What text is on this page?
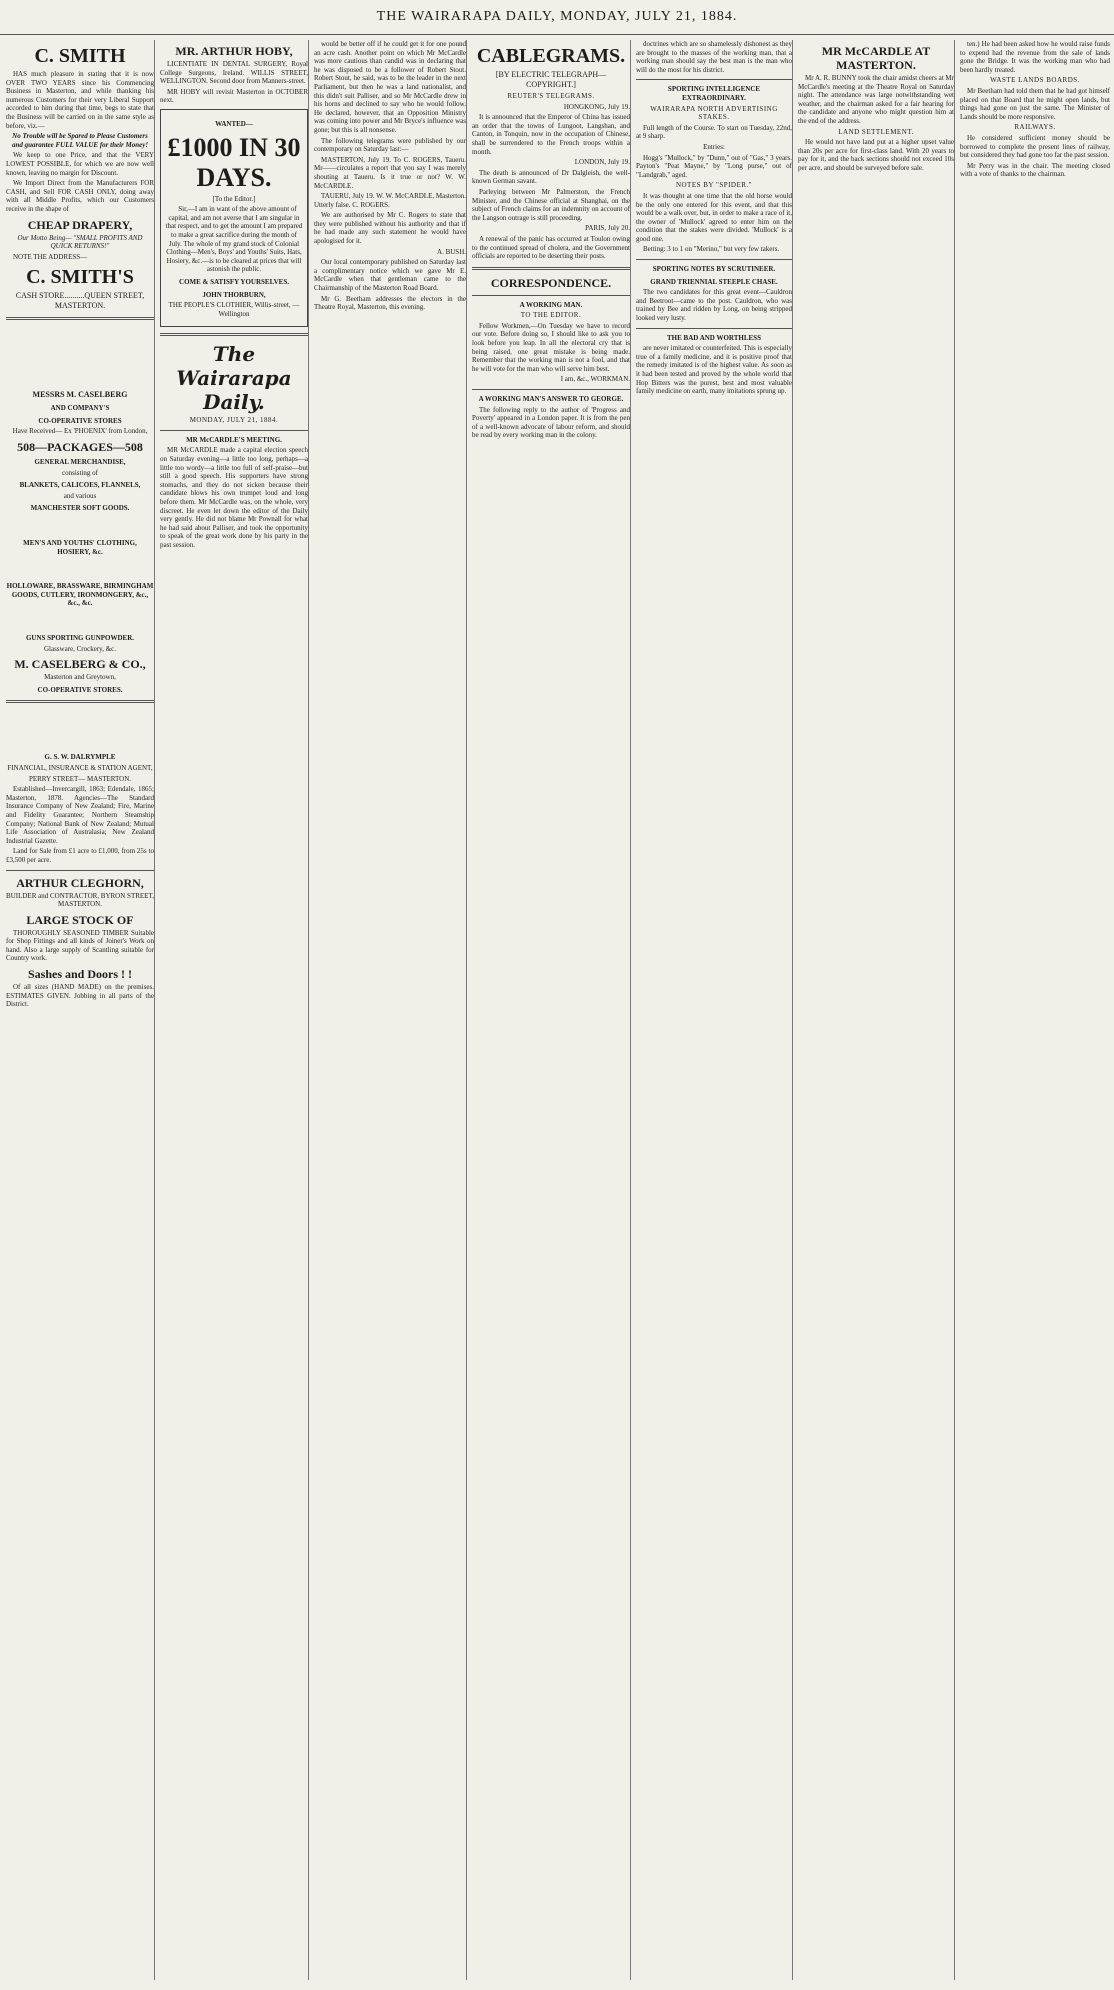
THE WAIRARAPA DAILY, MONDAY, JULY 21, 1884.
C. SMITH

HAS much pleasure in stating that it is now OVER TWO YEARS since his Commencing Business in Masterton, and while thanking his numerous Customers for their very Liberal Support accorded to him during that time, begs to state that the Business will be carried on in the same style as before, viz.—

No Trouble will be Spared to Please Customers and guarantee FULL VALUE for their Money!

We keep to one Price, and that the VERY LOWEST POSSIBLE, for which we are now well known, leaving no margin for Discount.

We Import Direct from the Manufacturers FOR CASH, and Sell FOR CASH ONLY, doing away with all Middle Profits, which our Customers receive in the shape of

CHEAP DRAPERY,

Our Motto Being— "SMALL PROFITS AND QUICK RETURNS!"

NOTE THE ADDRESS—

C. SMITH'S

CASH STORE..........QUEEN STREET, MASTERTON.

MESSRS M. CASELBERG
AND COMPANY'S
CO-OPERATIVE STORES

Have Received— Ex 'PHOENIX' from London,

508—PACKAGES—508
GENERAL MERCHANDISE,

consisting of

BLANKETS, CALICOES, FLANNELS,

and various

MANCHESTER SOFT GOODS.
MEN'S AND YOUTHS' CLOTHING, HOSIERY, &c.
HOLLOWARE, BRASSWARE, BIRMINGHAM GOODS, CUTLERY, IRONMONGERY, &c., &c., &c.
GUNS SPORTING GUNPOWDER.

Glassware, Crockery, &c.

M. CASELBERG & CO.,

Masterton and Greytown,

CO-OPERATIVE STORES.
G. S. W. DALRYMPLE

FINANCIAL, INSURANCE & STATION AGENT,

PERRY STREET— MASTERTON.

Established—Invercargill, 1863; Edendale, 1865; Masterton, 1878. Agencies—The Standard Insurance Company of New Zealand; Fire, Marine and Fidelity Guarantee; Northern Steamship Company; National Bank of New Zealand; Mutual Life Association of Australasia; New Zealand Industrial Gazette.

Land for Sale from £1 acre to £1,000, from 25s to £3,500 per acre.

ARTHUR CLEGHORN,

BUILDER and CONTRACTOR, BYRON STREET, MASTERTON.

LARGE STOCK OF

THOROUGHLY SEASONED TIMBER Suitable for Shop Fittings and all kinds of Joiner's Work on hand. Also a large supply of Scantling suitable for Country work.

Sashes and Doors ! !

Of all sizes (HAND MADE) on the premises. ESTIMATES GIVEN. Jobbing in all parts of the District.

MR. ARTHUR HOBY,

LICENTIATE IN DENTAL SURGERY, Royal College Surgeons, Ireland. WILLIS STREET, WELLINGTON. Second door from Manners-street.

MR HOBY will revisit Masterton in OCTOBER next.

WANTED—
£1000 IN 30 DAYS.

[To the Editor.]

Sir,—I am in want of the above amount of capital, and am not averse that I am singular in that respect, and to get the amount I am prepared to make a great sacrifice during the month of July. The whole of my grand stock of Colonial Clothing—Men's, Boys' and Youths' Suits, Hats, Hosiery, &c.—is to be cleared at prices that will astonish the public.

COME & SATISFY YOURSELVES.
JOHN THORBURN,

THE PEOPLE'S CLOTHIER, Willis-street, — Wellington

The Wairarapa Daily.

MONDAY, JULY 21, 1884.

MR McCARDLE'S MEETING.

MR McCARDLE made a capital election speech on Saturday evening—a little too long, perhaps—a little too wordy—a little too full of self-praise—but still a good speech. His supporters have strong stomachs, and they do not sicken because their candidate blows his own trumpet loud and long before them. Mr McCardle was, on the whole, very discreet. He even let down the editor of the Daily very gently. He did not blame Mr Pownall for what he had said about Palliser, and took the opportunity to speak of the great work done by his party in the past session.

would be better off if he could get it for one pound an acre cash. Another point on which Mr McCardle was more cautious than candid was in declaring that he was disposed to be a follower of Robert Stout. Robert Stout, he said, was to be the leader in the next Parliament, but then he was a land nationalist, and this didn't suit Palliser, and so Mr McCardle drew in his horns and declined to say who he would follow. He declared, however, that an Opposition Ministry was coming into power and Mr Bryce's influence was gone; but this is all nonsense.

The following telegrams were published by our contemporary on Saturday last:—

MASTERTON, July 19. To C. ROGERS, Taueru. Mr——circulates a report that you say I was merely shouting at Taueru. Is it true or not? W. W. McCARDLE.

TAUERU, July 19. W. W. McCARDLE, Masterton. Utterly false. C. ROGERS.

We are authorised by Mr C. Rogers to state that they were published without his authority and that if he had made any such statement he would have apologised for it.

A. BUSH.

Our local contemporary published on Saturday last a complimentary notice which we gave Mr E. McCardle when that gentleman came to the Chairmanship of the Masterton Road Board.

Mr G. Beetham addresses the electors in the Theatre Royal, Masterton, this evening.

CABLEGRAMS.

[BY ELECTRIC TELEGRAPH—COPYRIGHT.]

REUTER'S TELEGRAMS.

HONGKONG, July 19.

It is announced that the Emperor of China has issued an order that the towns of Lungoot, Langshan, and Canton, in Tonquin, now in the occupation of Chinese, shall be surrendered to the French troops within a month.

LONDON, July 19.

The death is announced of Dr Dalgleish, the well-known German savant.

Parleying between Mr Palmerston, the French Minister, and the Chinese official at Shanghai, on the subject of French claims for an indemnity on account of the Langson outrage is still proceeding.

PARIS, July 20.

A renewal of the panic has occurred at Toulon owing to the continued spread of cholera, and the Government officials are reported to be deserting their posts.

CORRESPONDENCE.
A WORKING MAN.

TO THE EDITOR.

Fellow Workmen,—On Tuesday we have to record our vote. Before doing so, I should like to ask you to look before you leap. In all the electoral cry that is being raised, one great mistake is being made. Remember that the working man is not a fool, and that he will vote for the man who will serve him best.

I am, &c., WORKMAN.

A WORKING MAN'S ANSWER TO GEORGE.

The following reply to the author of 'Progress and Poverty' appeared in a London paper. It is from the pen of a well-known advocate of labour reform, and should be read by every working man in the colony.

doctrines which are so shamelessly dishonest as they are brought to the masses of the working man, that a working man should say the best man is the man who will do the most for his district.

SPORTING INTELLIGENCE EXTRAORDINARY.

WAIRARAPA NORTH ADVERTISING STAKES.

Full length of the Course. To start on Tuesday, 22nd, at 9 sharp.

Entries:

Hogg's "Mullock," by "Dunn," out of "Gas," 3 years. Payton's "Peat Mayne," by "Long purse," out of "Landgrab," aged.

NOTES BY "SPIDER."

It was thought at one time that the old horse would be the only one entered for this event, and that this would be a walk over, but, in order to make a race of it, the owner of 'Mullock' agreed to enter him on the condition that the stakes were divided. 'Mullock' is a good one.

Betting: 3 to 1 on "Merino," but very few takers.

SPORTING NOTES BY SCRUTINEER.
GRAND TRIENNIAL STEEPLE CHASE.

The two candidates for this great event—Cauldron and Beetroot—came to the post. Cauldron, who was trained by Bee and ridden by Long, on being stripped looked very lusty.

THE BAD AND WORTHLESS

are never imitated or counterfeited. This is especially true of a family medicine, and it is positive proof that the remedy imitated is of the highest value. As soon as it had been tested and proved by the whole world that Hop Bitters was the purest, best and most valuable family medicine on earth, many imitations sprung up.

MR McCARDLE AT MASTERTON.

Mr A. R. BUNNY took the chair amidst cheers at Mr McCardle's meeting at the Theatre Royal on Saturday night. The attendance was large notwithstanding wet weather, and the chairman asked for a fair hearing for the candidate and anyone who might question him at the end of the address.

LAND SETTLEMENT.

He would not have land put at a higher upset value than 20s per acre for first-class land. With 20 years to pay for it, and the back sections should not exceed 10s per acre, and should be surveyed before sale.

ten.) He had been asked how he would raise funds to expend had the revenue from the sale of lands gone the Bridge. It was the working man who had been hardly treated.

WASTE LANDS BOARDS.

Mr Beetham had told them that he had got himself placed on that Board that he might open lands, but things had gone on just the same. The Minister of Lands should be more responsive.

RAILWAYS.

He considered sufficient money should be borrowed to complete the present lines of railway, but considered they had gone too far the past session.

Mr Perry was in the chair. The meeting closed with a vote of thanks to the chairman.
